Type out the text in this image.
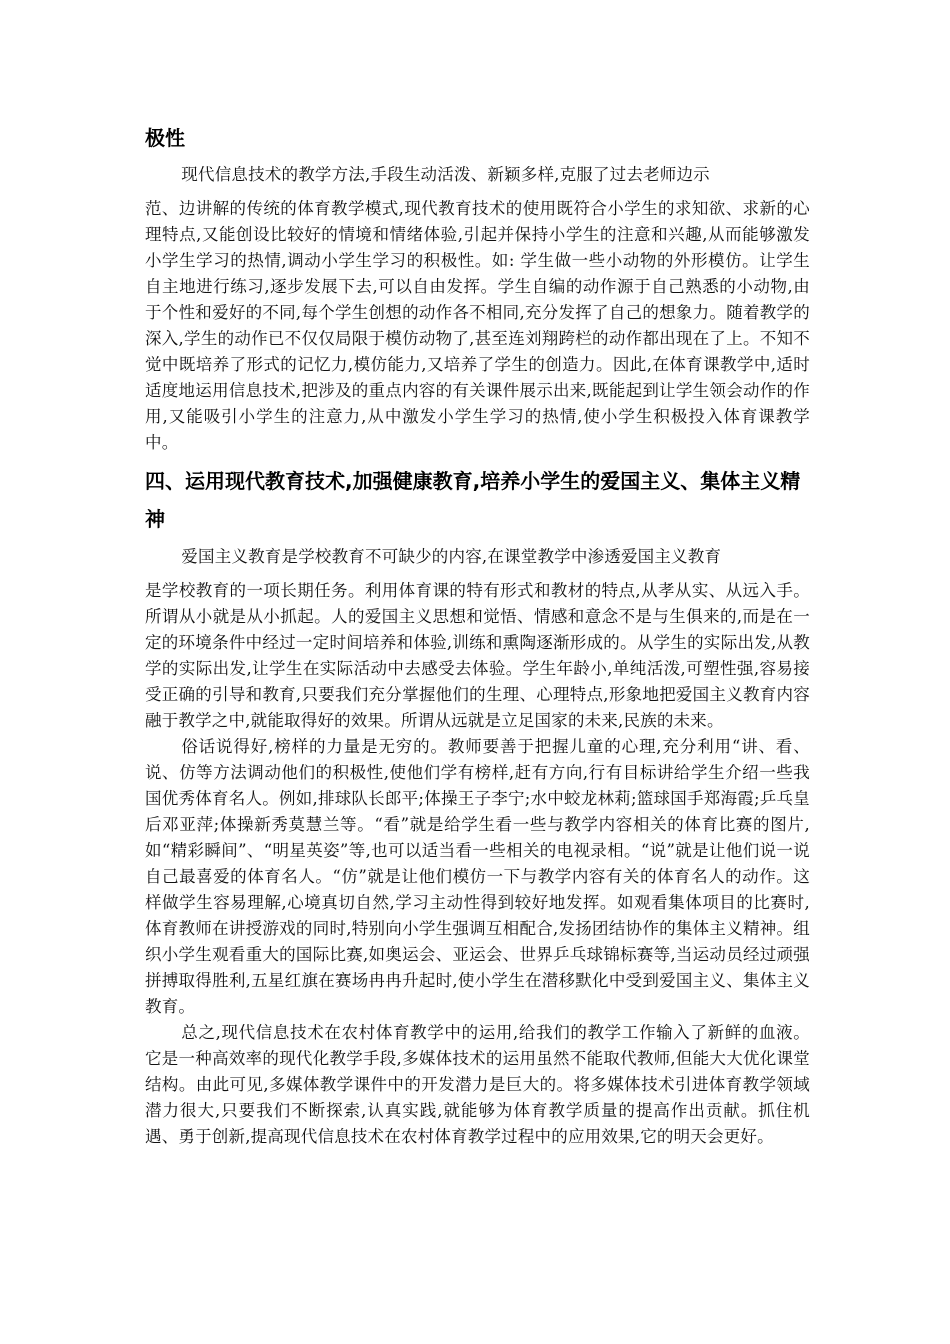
极性

现代信息技术的教学方法,手段生动活泼、新颖多样,克服了过去老师边示

范、边讲解的传统的体育教学模式,现代教育技术的使用既符合小学生的求知欲、求新的心理特点,又能创设比较好的情境和情绪体验,引起并保持小学生的注意和兴趣,从而能够激发小学生学习的热情,调动小学生学习的积极性。如: 学生做一些小动物的外形模仿。让学生自主地进行练习,逐步发展下去,可以自由发挥。学生自编的动作源于自己熟悉的小动物,由于个性和爱好的不同,每个学生创想的动作各不相同,充分发挥了自己的想象力。随着教学的深入,学生的动作已不仅仅局限于模仿动物了,甚至连刘翔跨栏的动作都出现在了上。不知不觉中既培养了形式的记忆力,模仿能力,又培养了学生的创造力。因此,在体育课教学中,适时适度地运用信息技术,把涉及的重点内容的有关课件展示出来,既能起到让学生领会动作的作用,又能吸引小学生的注意力,从中激发小学生学习的热情,使小学生积极投入体育课教学中。

四、运用现代教育技术,加强健康教育,培养小学生的爱国主义、集体主义精神

爱国主义教育是学校教育不可缺少的内容,在课堂教学中渗透爱国主义教育

是学校教育的一项长期任务。利用体育课的特有形式和教材的特点,从孝从实、从远入手。所谓从小就是从小抓起。人的爱国主义思想和觉悟、情感和意念不是与生俱来的,而是在一定的环境条件中经过一定时间培养和体验,训练和熏陶逐渐形成的。从学生的实际出发,从教学的实际出发,让学生在实际活动中去感受去体验。学生年龄小,单纯活泼,可塑性强,容易接受正确的引导和教育,只要我们充分掌握他们的生理、心理特点,形象地把爱国主义教育内容融于教学之中,就能取得好的效果。所谓从远就是立足国家的未来,民族的未来。

俗话说得好,榜样的力量是无穷的。教师要善于把握儿童的心理,充分利用“讲、看、说、仿等方法调动他们的积极性,使他们学有榜样,赶有方向,行有目标讲给学生介绍一些我国优秀体育名人。例如,排球队长郎平;体操王子李宁;水中蛟龙林莉;篮球国手郑海霞;乒乓皇后邓亚萍;体操新秀莫慧兰等。“看”就是给学生看一些与教学内容相关的体育比赛的图片,如“精彩瞬间”、“明星英姿”等,也可以适当看一些相关的电视录相。“说”就是让他们说一说自己最喜爱的体育名人。“仿”就是让他们模仿一下与教学内容有关的体育名人的动作。这样做学生容易理解,心境真切自然,学习主动性得到较好地发挥。如观看集体项目的比赛时,体育教师在讲授游戏的同时,特别向小学生强调互相配合,发扬团结协作的集体主义精神。组织小学生观看重大的国际比赛,如奥运会、亚运会、世界乒乓球锦标赛等,当运动员经过顽强拼搏取得胜利,五星红旗在赛场冉冉升起时,使小学生在潜移默化中受到爱国主义、集体主义教育。

总之,现代信息技术在农村体育教学中的运用,给我们的教学工作输入了新鲜的血液。它是一种高效率的现代化教学手段,多媒体技术的运用虽然不能取代教师,但能大大优化课堂结构。由此可见,多媒体教学课件中的开发潜力是巨大的。将多媒体技术引进体育教学领域潜力很大,只要我们不断探索,认真实践,就能够为体育教学质量的提高作出贡献。抓住机遇、勇于创新,提高现代信息技术在农村体育教学过程中的应用效果,它的明天会更好。
